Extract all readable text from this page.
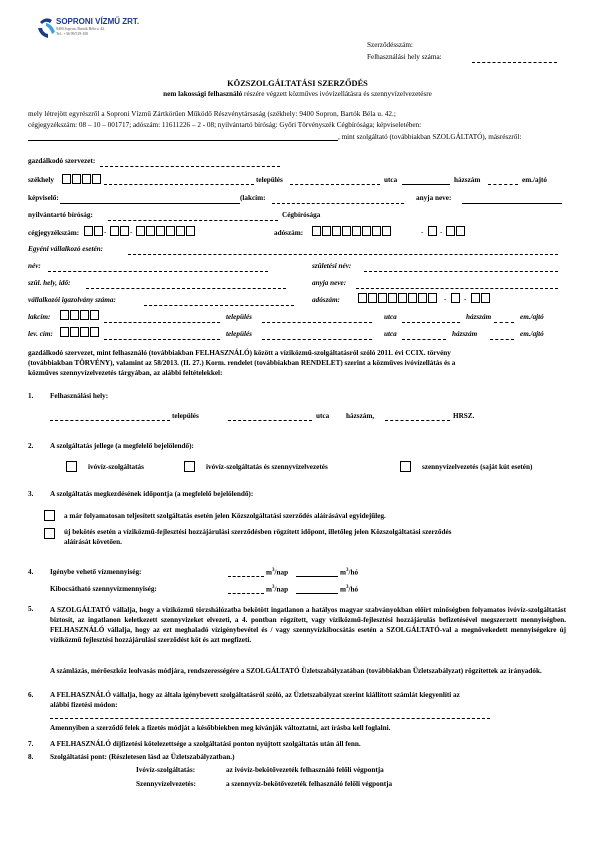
SOPRONI VÍZMŰ ZRT.
9400 Sopron, Bartók Béla u. 42.
Tel.: +36 99/519-100
Szerződésszám:
Felhasználási hely száma:
KÖZSZOLGÁLTATÁSI SZERZŐDÉS
nem lakossági felhasználó részére végzett közműves ivóvízellátásra és szennyvízelvezetésre
mely létrejött egyrészről a Soproni Vízmű Zártkörűen Működő Részvénytársaság (székhely: 9400 Sopron, Bartók Béla u. 42.;
cégjegyzékszám: 08 – 10 – 001717; adószám: 11611226 – 2 - 08; nyilvántartó bíróság: Győri Törvényszék Cégbírósága; képviseletében:
, mint szolgáltató (továbbiakban SZOLGÁLTATÓ), másrészről:
gazdálkodó szervezet:
székhely	település	utca	házszám	em./ajtó
képviselő:	(lakcím:	anyja neve:
nyilvántartó bíróság:	Cégbírósága
cégjegyzékszám:	-	-	adószám:	- -
Egyéni vállalkozó esetén:
név:	születési név:
szül. hely, idő:	anyja neve:
vállalkozói igazolvány száma:	adószám:	- -
lakcím:	település	utca	házszám	em./ajtó
lev. cím:	település	utca	házszám	em./ajtó
gazdálkodó szervezet, mint felhasználó (továbbiakban FELHASZNÁLÓ) között a víziközmű-szolgáltatásról szóló 2011. évi CCIX. törvény
(továbbiakban TÖRVÉNY), valamint az 58/2013. (II. 27.) Korm. rendelet (továbbiakban RENDELET) szerint a közműves ivóvízellátás és a
közműves szennyvízelvezetés tárgyában, az alábbi feltételekkel:
1. Felhasználási hely:
település	utca házszám,	HRSZ.
2. A szolgáltatás jellege (a megfelelő bejelölendő):
ivóvíz-szolgáltatás	ivóvíz-szolgáltatás és szennyvízelvezetés	szennyvízelvezetés (saját kút esetén)
3. A szolgáltatás megkezdésének időpontja (a megfelelő bejelölendő):
a már folyamatosan teljesített szolgáltatás esetén jelen Közszolgáltatási szerződés aláírásával egyidejűleg.
új bekötés esetén a víziközmű-fejlesztési hozzájárulási szerződésben rögzített időpont, illetőleg jelen Közszolgáltatási szerződés
aláírását követően.
4. Igénybe vehető vízmennyiség:	$m^3$/nap	$m^3/hó$
Kibocsátható szennyvízmennyiség:	$m^3$/nap	$m^3/hó$
5. A SZOLGÁLTATÓ vállalja, hogy a víziközmű törzshálózatba bekötött ingatlanon a hatályos magyar szabványokban előírt minőségben folyamatos ivóvíz-szolgáltatást biztosít, az ingatlanon keletkezett szennyvizeket elvezeti, a 4. pontban rögzített, vagy víziközmű-fejlesztési hozzájárulás befizetésével megszerzett mennyiségben. FELHASZNÁLÓ vállalja, hogy az ezt meghaladó vízigénybevétel és / vagy szennyvízkibocsátás esetén a SZOLGÁLTATÓ-val a megnövekedett mennyiségekre új víziközmű fejlesztési hozzájárulási szerződést köt és azt megfizeti.
A számlázás, mérőeszköz leolvasás módjára, rendszerességére a SZOLGÁLTATÓ Üzletszabályzatában (továbbiakban Üzletszabályzat) rögzítettek az irányadók.
6. A FELHASZNÁLÓ vállalja, hogy az általa igénybevett szolgáltatásról szóló, az Üzletszabályzat szerint kiállított számlát kiegyenlíti az
alábbi fizetési módon:
Amennyiben a szerződő felek a fizetés módját a későbbiekben meg kívánják változtatni, azt írásba kell foglalni.
7. A FELHASZNÁLÓ díjfizetési kötelezettsége a szolgáltatási ponton nyújtott szolgáltatás után áll fenn.
8. Szolgáltatási pont: (Részletesen lásd az Üzletszabályzatban.)
Ivóvíz-szolgáltatás:	az ivóvíz-bekötővezeték felhasználó felőli végpontja
Szennyvízelvezetés:	a szennyvíz-bekötővezeték felhasználó felőli végpontja
